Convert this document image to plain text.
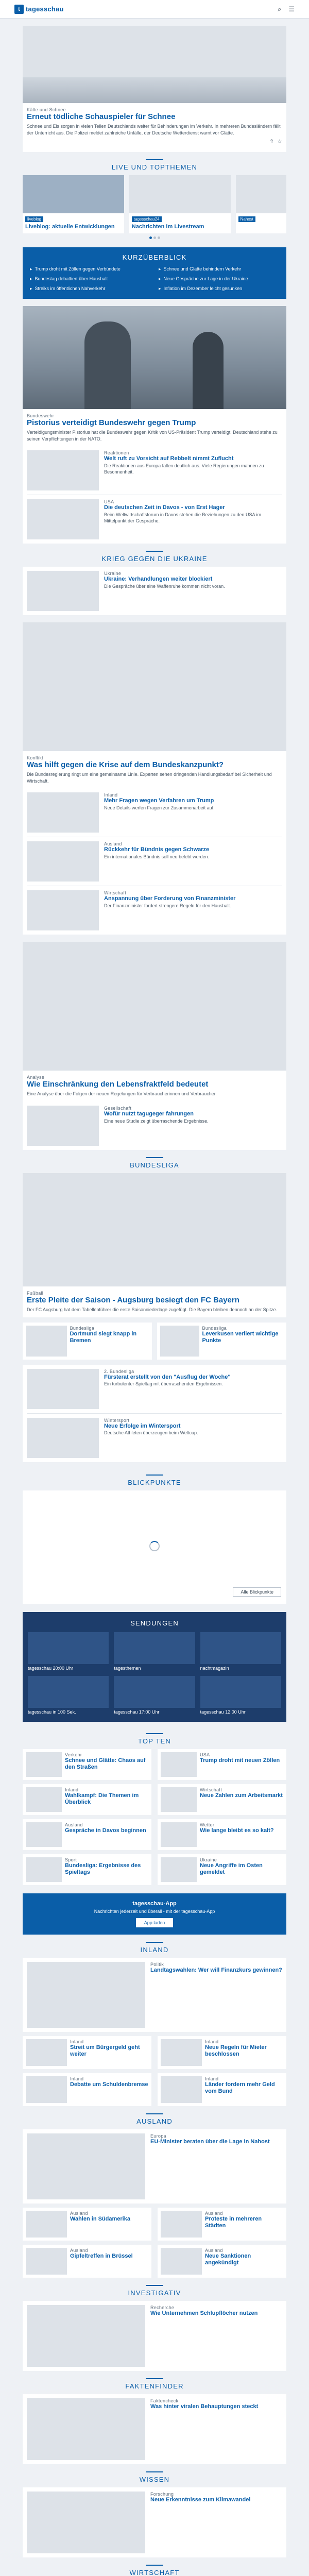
t tagesschau	⌕ ☰
Kälte und Schnee
Erneut tödliche Schauspieler für Schnee
Schnee und Eis sorgen in vielen Teilen Deutschlands weiter für Behinderungen im Verkehr. In mehreren Bundesländern fällt der Unterricht aus. Die Polizei meldet zahlreiche Unfälle, der Deutsche Wetterdienst warnt vor Glätte.
⇧ ☆
LIVE UND TOPTHEMEN
liveblog
Liveblog: aktuelle Entwicklungen
tagesschau24
Nachrichten im Livestream
Nahost
KURZÜBERBLICK
▸ Trump droht mit Zöllen gegen Verbündete	▸ Schnee und Glätte behindern Verkehr
▸ Bundestag debattiert über Haushalt	▸ Neue Gespräche zur Lage in der Ukraine
▸ Streiks im öffentlichen Nahverkehr	▸ Inflation im Dezember leicht gesunken
Bundeswehr
Pistorius verteidigt Bundeswehr gegen Trump
Verteidigungsminister Pistorius hat die Bundeswehr gegen Kritik von US-Präsident Trump verteidigt. Deutschland stehe zu seinen Verpflichtungen in der NATO.
Reaktionen
Welt ruft zu Vorsicht auf Rebbelt nimmt Zuflucht
Die Reaktionen aus Europa fallen deutlich aus. Viele Regierungen mahnen zu Besonnenheit.
USA
Die deutschen Zeit in Davos - von Erst Hager
Beim Weltwirtschaftsforum in Davos stehen die Beziehungen zu den USA im Mittelpunkt der Gespräche.
KRIEG GEGEN DIE UKRAINE
Ukraine
Ukraine: Verhandlungen weiter blockiert
Die Gespräche über eine Waffenruhe kommen nicht voran.
Konflikt
Was hilft gegen die Krise auf dem Bundeskanzpunkt?
Die Bundesregierung ringt um eine gemeinsame Linie. Experten sehen dringenden Handlungsbedarf bei Sicherheit und Wirtschaft.
Inland
Mehr Fragen wegen Verfahren um Trump
Neue Details werfen Fragen zur Zusammenarbeit auf.
Ausland
Rückkehr für Bündnis gegen Schwarze
Ein internationales Bündnis soll neu belebt werden.
Wirtschaft
Anspannung über Forderung von Finanzminister
Der Finanzminister fordert strengere Regeln für den Haushalt.
Analyse
Wie Einschränkung den Lebensfraktfeld bedeutet
Eine Analyse über die Folgen der neuen Regelungen für Verbraucherinnen und Verbraucher.
Gesellschaft
Wofür nutzt tagugeger fahrungen
Eine neue Studie zeigt überraschende Ergebnisse.
BUNDESLIGA
Fußball
Erste Pleite der Saison - Augsburg besiegt den FC Bayern
Der FC Augsburg hat dem Tabellenführer die erste Saisonniederlage zugefügt. Die Bayern bleiben dennoch an der Spitze.
Bundesliga
Dortmund siegt knapp in Bremen
Bundesliga
Leverkusen verliert wichtige Punkte
2. Bundesliga
Fürsterat erstellt von den "Ausflug der Woche"
Ein turbulenter Spieltag mit überraschenden Ergebnissen.
Wintersport
Neue Erfolge im Wintersport
Deutsche Athleten überzeugen beim Weltcup.
BLICKPUNKTE
Alle Blickpunkte
SENDUNGEN
tagesschau 20:00 Uhr	tagesthemen	nachtmagazin
tagesschau in 100 Sek.	tagesschau 17:00 Uhr	tagesschau 12:00 Uhr
TOP TEN
Verkehr
Schnee und Glätte: Chaos auf den Straßen
USA
Trump droht mit neuen Zöllen
Inland
Wahlkampf: Die Themen im Überblick
Wirtschaft
Neue Zahlen zum Arbeitsmarkt
Ausland
Gespräche in Davos beginnen
Wetter
Wie lange bleibt es so kalt?
Sport
Bundesliga: Ergebnisse des Spieltags
Ukraine
Neue Angriffe im Osten gemeldet
tagesschau-App
Nachrichten jederzeit und überall - mit der tagesschau-App
App laden
INLAND
Politik
Landtagswahlen: Wer will Finanzkurs gewinnen?
Inland
Streit um Bürgergeld geht weiter
Inland
Neue Regeln für Mieter beschlossen
Inland
Debatte um Schuldenbremse
Inland
Länder fordern mehr Geld vom Bund
AUSLAND
Europa
EU-Minister beraten über die Lage in Nahost
Ausland
Wahlen in Südamerika
Ausland
Proteste in mehreren Städten
Ausland
Gipfeltreffen in Brüssel
Ausland
Neue Sanktionen angekündigt
INVESTIGATIV
Recherche
Wie Unternehmen Schlupflöcher nutzen
FAKTENFINDER
Faktencheck
Was hinter viralen Behauptungen steckt
WISSEN
Forschung
Neue Erkenntnisse zum Klimawandel
WIRTSCHAFT
